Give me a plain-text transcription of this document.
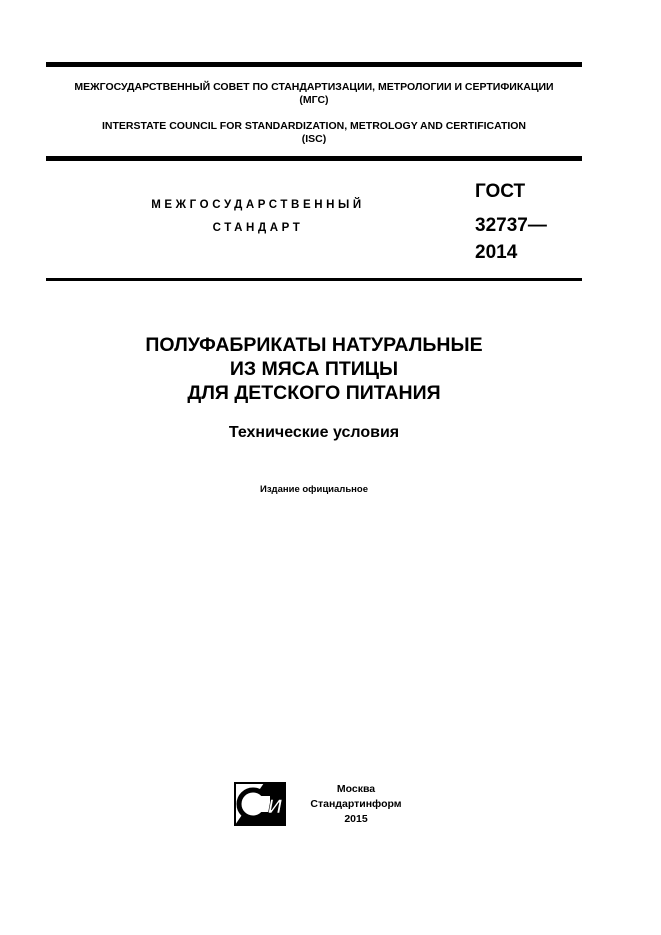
МЕЖГОСУДАРСТВЕННЫЙ СОВЕТ ПО СТАНДАРТИЗАЦИИ, МЕТРОЛОГИИ И СЕРТИФИКАЦИИ

(МГС)

INTERSTATE COUNCIL FOR STANDARDIZATION, METROLOGY AND CERTIFICATION

(ISC)

МЕЖГОСУДАРСТВЕННЫЙ
СТАНДАРТ
ГОСТ
32737—
2014
ПОЛУФАБРИКАТЫ НАТУРАЛЬНЫЕ
ИЗ МЯСА ПТИЦЫ
ДЛЯ ДЕТСКОГО ПИТАНИЯ
Технические условия
Издание официальное
И
Москва
Стандартинформ
2015
